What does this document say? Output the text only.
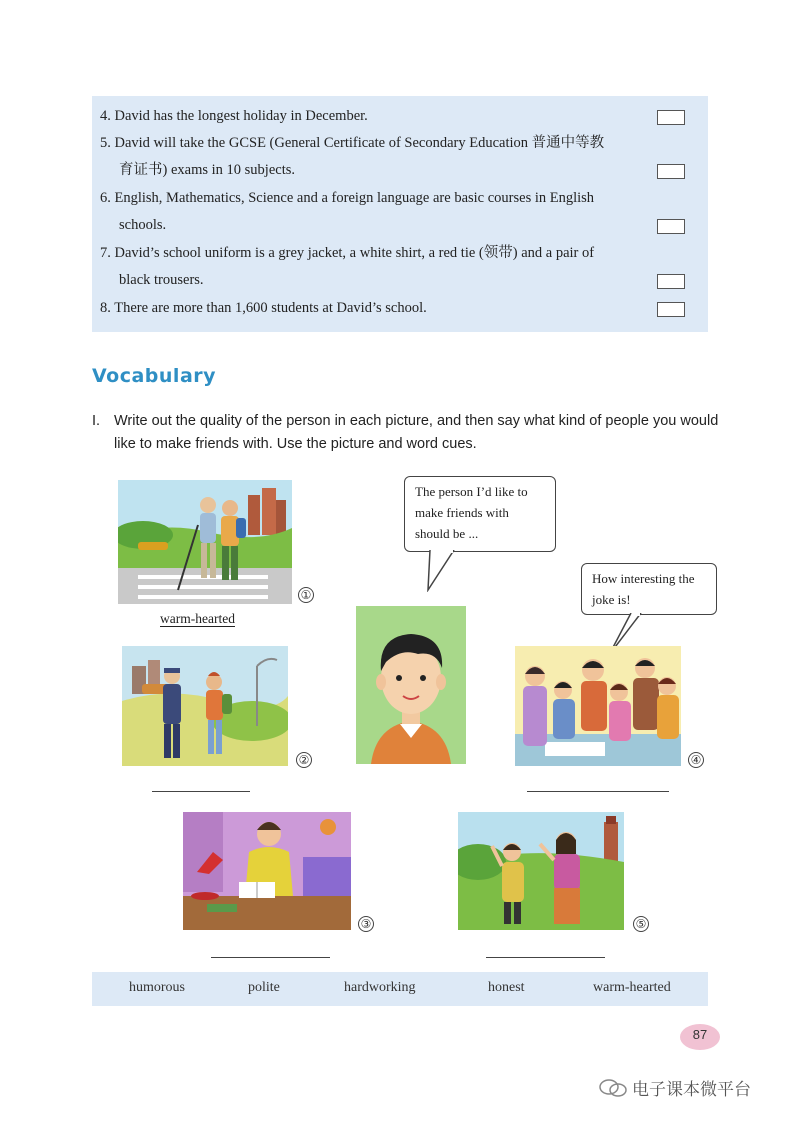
4. David has the longest holiday in December.
5. David will take the GCSE (General Certificate of Secondary Education 普通中等教
育证书) exams in 10 subjects.
6. English, Mathematics, Science and a foreign language are basic courses in English
schools.
7. David’s school uniform is a grey jacket, a white shirt, a red tie (领带) and a pair of
black trousers.
8. There are more than 1,600 students at David’s school.
Vocabulary
I. Write out the quality of the person in each picture, and then say what kind of people you would like to make friends with. Use the picture and word cues.
①
warm-hearted
②
The person I’d like to make friends with should be ...
How interesting the joke is!
④
③	⑤
humorous	polite	hardworking	honest	warm-hearted
87
电子课本微平台
